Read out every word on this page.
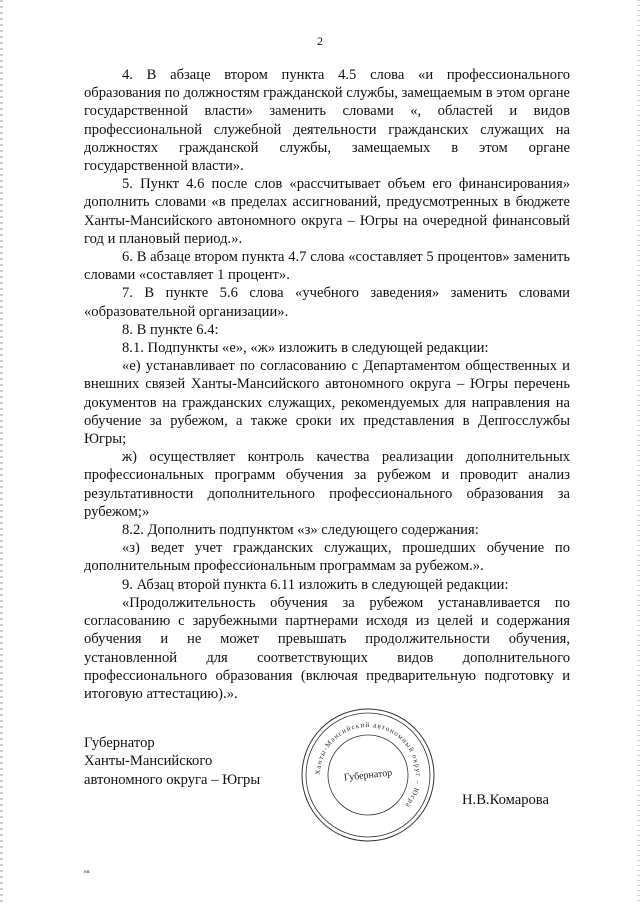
2

4. В абзаце втором пункта 4.5 слова «и профессионального образования по должностям гражданской службы, замещаемым в этом органе государственной власти» заменить словами «, областей и видов профессиональной служебной деятельности гражданских служащих на должностях гражданской службы, замещаемых в этом органе государственной власти».

5. Пункт 4.6 после слов «рассчитывает объем его финансирования» дополнить словами «в пределах ассигнований, предусмотренных в бюджете Ханты-Мансийского автономного округа – Югры на очередной финансовый год и плановый период.».

6. В абзаце втором пункта 4.7 слова «составляет 5 процентов» заменить словами «составляет 1 процент».

7. В пункте 5.6 слова «учебного заведения» заменить словами «образовательной организации».

8. В пункте 6.4:

8.1. Подпункты «е», «ж» изложить в следующей редакции:

«е) устанавливает по согласованию с Департаментом общественных и внешних связей Ханты-Мансийского автономного округа – Югры перечень документов на гражданских служащих, рекомендуемых для направления на обучение за рубежом, а также сроки их представления в Депгосслужбы Югры;

ж) осуществляет контроль качества реализации дополнительных профессиональных программ обучения за рубежом и проводит анализ результативности дополнительного профессионального образования за рубежом;»

8.2. Дополнить подпунктом «з» следующего содержания:

«з) ведет учет гражданских служащих, прошедших обучение по дополнительным профессиональным программам за рубежом.».

9. Абзац второй пункта 6.11 изложить в следующей редакции:

«Продолжительность обучения за рубежом устанавливается по согласованию с зарубежными партнерами исходя из целей и содержания обучения и не может превышать продолжительности обучения, установленной для соответствующих видов дополнительного профессионального образования (включая предварительную подготовку и итоговую аттестацию).».

Губернатор
Ханты-Мансийского
автономного округа – Югры	Ханты-Мансийский автономный округ – Югра
Губернатор
Н.В.Комарова
нв
